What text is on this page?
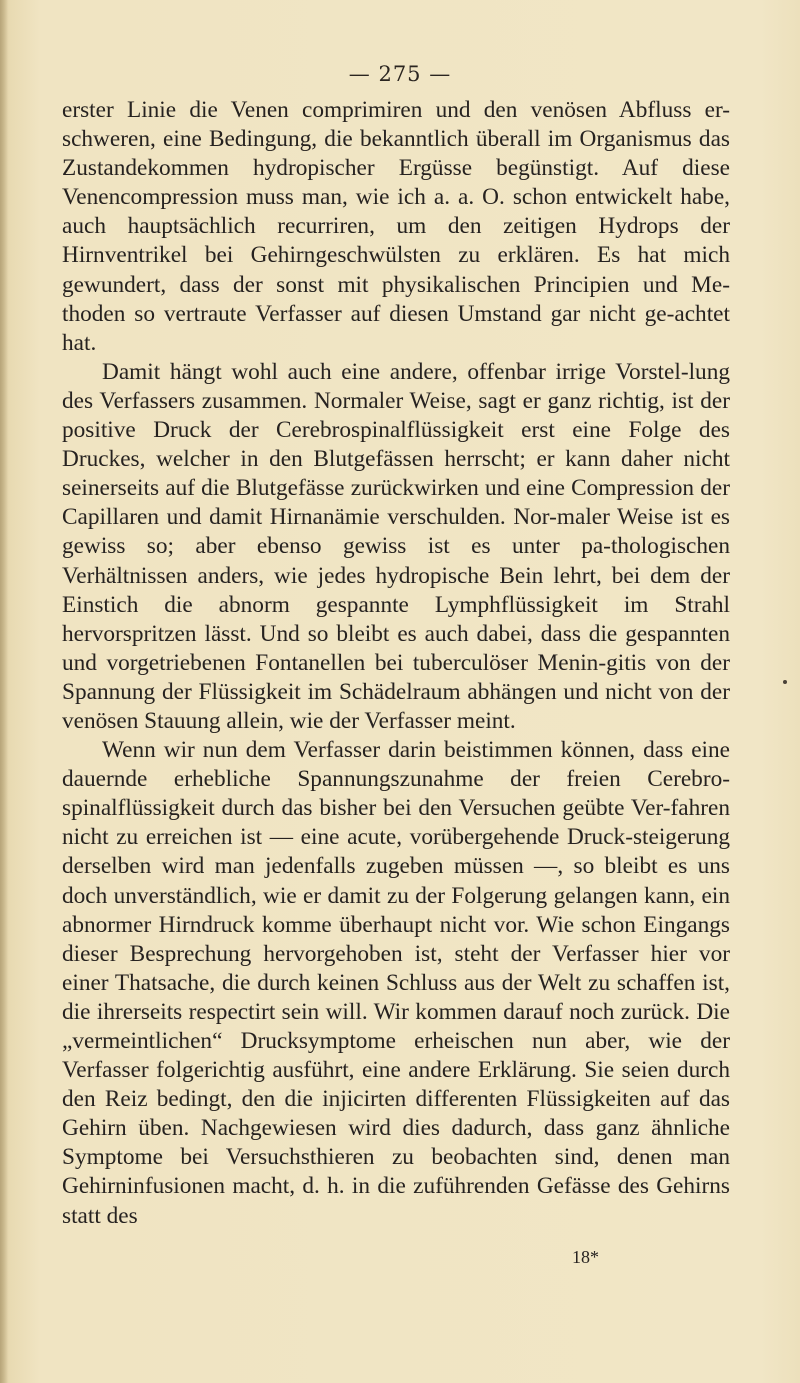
— 275 —

erster Linie die Venen comprimiren und den venösen Abfluss er-schweren, eine Bedingung, die bekanntlich überall im Organismus das Zustandekommen hydropischer Ergüsse begünstigt. Auf diese Venencompression muss man, wie ich a. a. O. schon entwickelt habe, auch hauptsächlich recurriren, um den zeitigen Hydrops der Hirnventrikel bei Gehirngeschwülsten zu erklären. Es hat mich gewundert, dass der sonst mit physikalischen Principien und Me-thoden so vertraute Verfasser auf diesen Umstand gar nicht ge-achtet hat.

Damit hängt wohl auch eine andere, offenbar irrige Vorstel-lung des Verfassers zusammen. Normaler Weise, sagt er ganz richtig, ist der positive Druck der Cerebrospinalflüssigkeit erst eine Folge des Druckes, welcher in den Blutgefässen herrscht; er kann daher nicht seinerseits auf die Blutgefässe zurückwirken und eine Compression der Capillaren und damit Hirnanämie verschulden. Nor-maler Weise ist es gewiss so; aber ebenso gewiss ist es unter pa-thologischen Verhältnissen anders, wie jedes hydropische Bein lehrt, bei dem der Einstich die abnorm gespannte Lymphflüssigkeit im Strahl hervorspritzen lässt. Und so bleibt es auch dabei, dass die gespannten und vorgetriebenen Fontanellen bei tuberculöser Menin-gitis von der Spannung der Flüssigkeit im Schädelraum abhängen und nicht von der venösen Stauung allein, wie der Verfasser meint.

Wenn wir nun dem Verfasser darin beistimmen können, dass eine dauernde erhebliche Spannungszunahme der freien Cerebro-spinalflüssigkeit durch das bisher bei den Versuchen geübte Ver-fahren nicht zu erreichen ist — eine acute, vorübergehende Druck-steigerung derselben wird man jedenfalls zugeben müssen —, so bleibt es uns doch unverständlich, wie er damit zu der Folgerung gelangen kann, ein abnormer Hirndruck komme überhaupt nicht vor. Wie schon Eingangs dieser Besprechung hervorgehoben ist, steht der Verfasser hier vor einer Thatsache, die durch keinen Schluss aus der Welt zu schaffen ist, die ihrerseits respectirt sein will. Wir kommen darauf noch zurück. Die „vermeintlichen“ Drucksymptome erheischen nun aber, wie der Verfasser folgerichtig ausführt, eine andere Erklärung. Sie seien durch den Reiz bedingt, den die injicirten differenten Flüssigkeiten auf das Gehirn üben. Nachgewiesen wird dies dadurch, dass ganz ähnliche Symptome bei Versuchsthieren zu beobachten sind, denen man Gehirninfusionen macht, d. h. in die zuführenden Gefässe des Gehirns statt des

18*
